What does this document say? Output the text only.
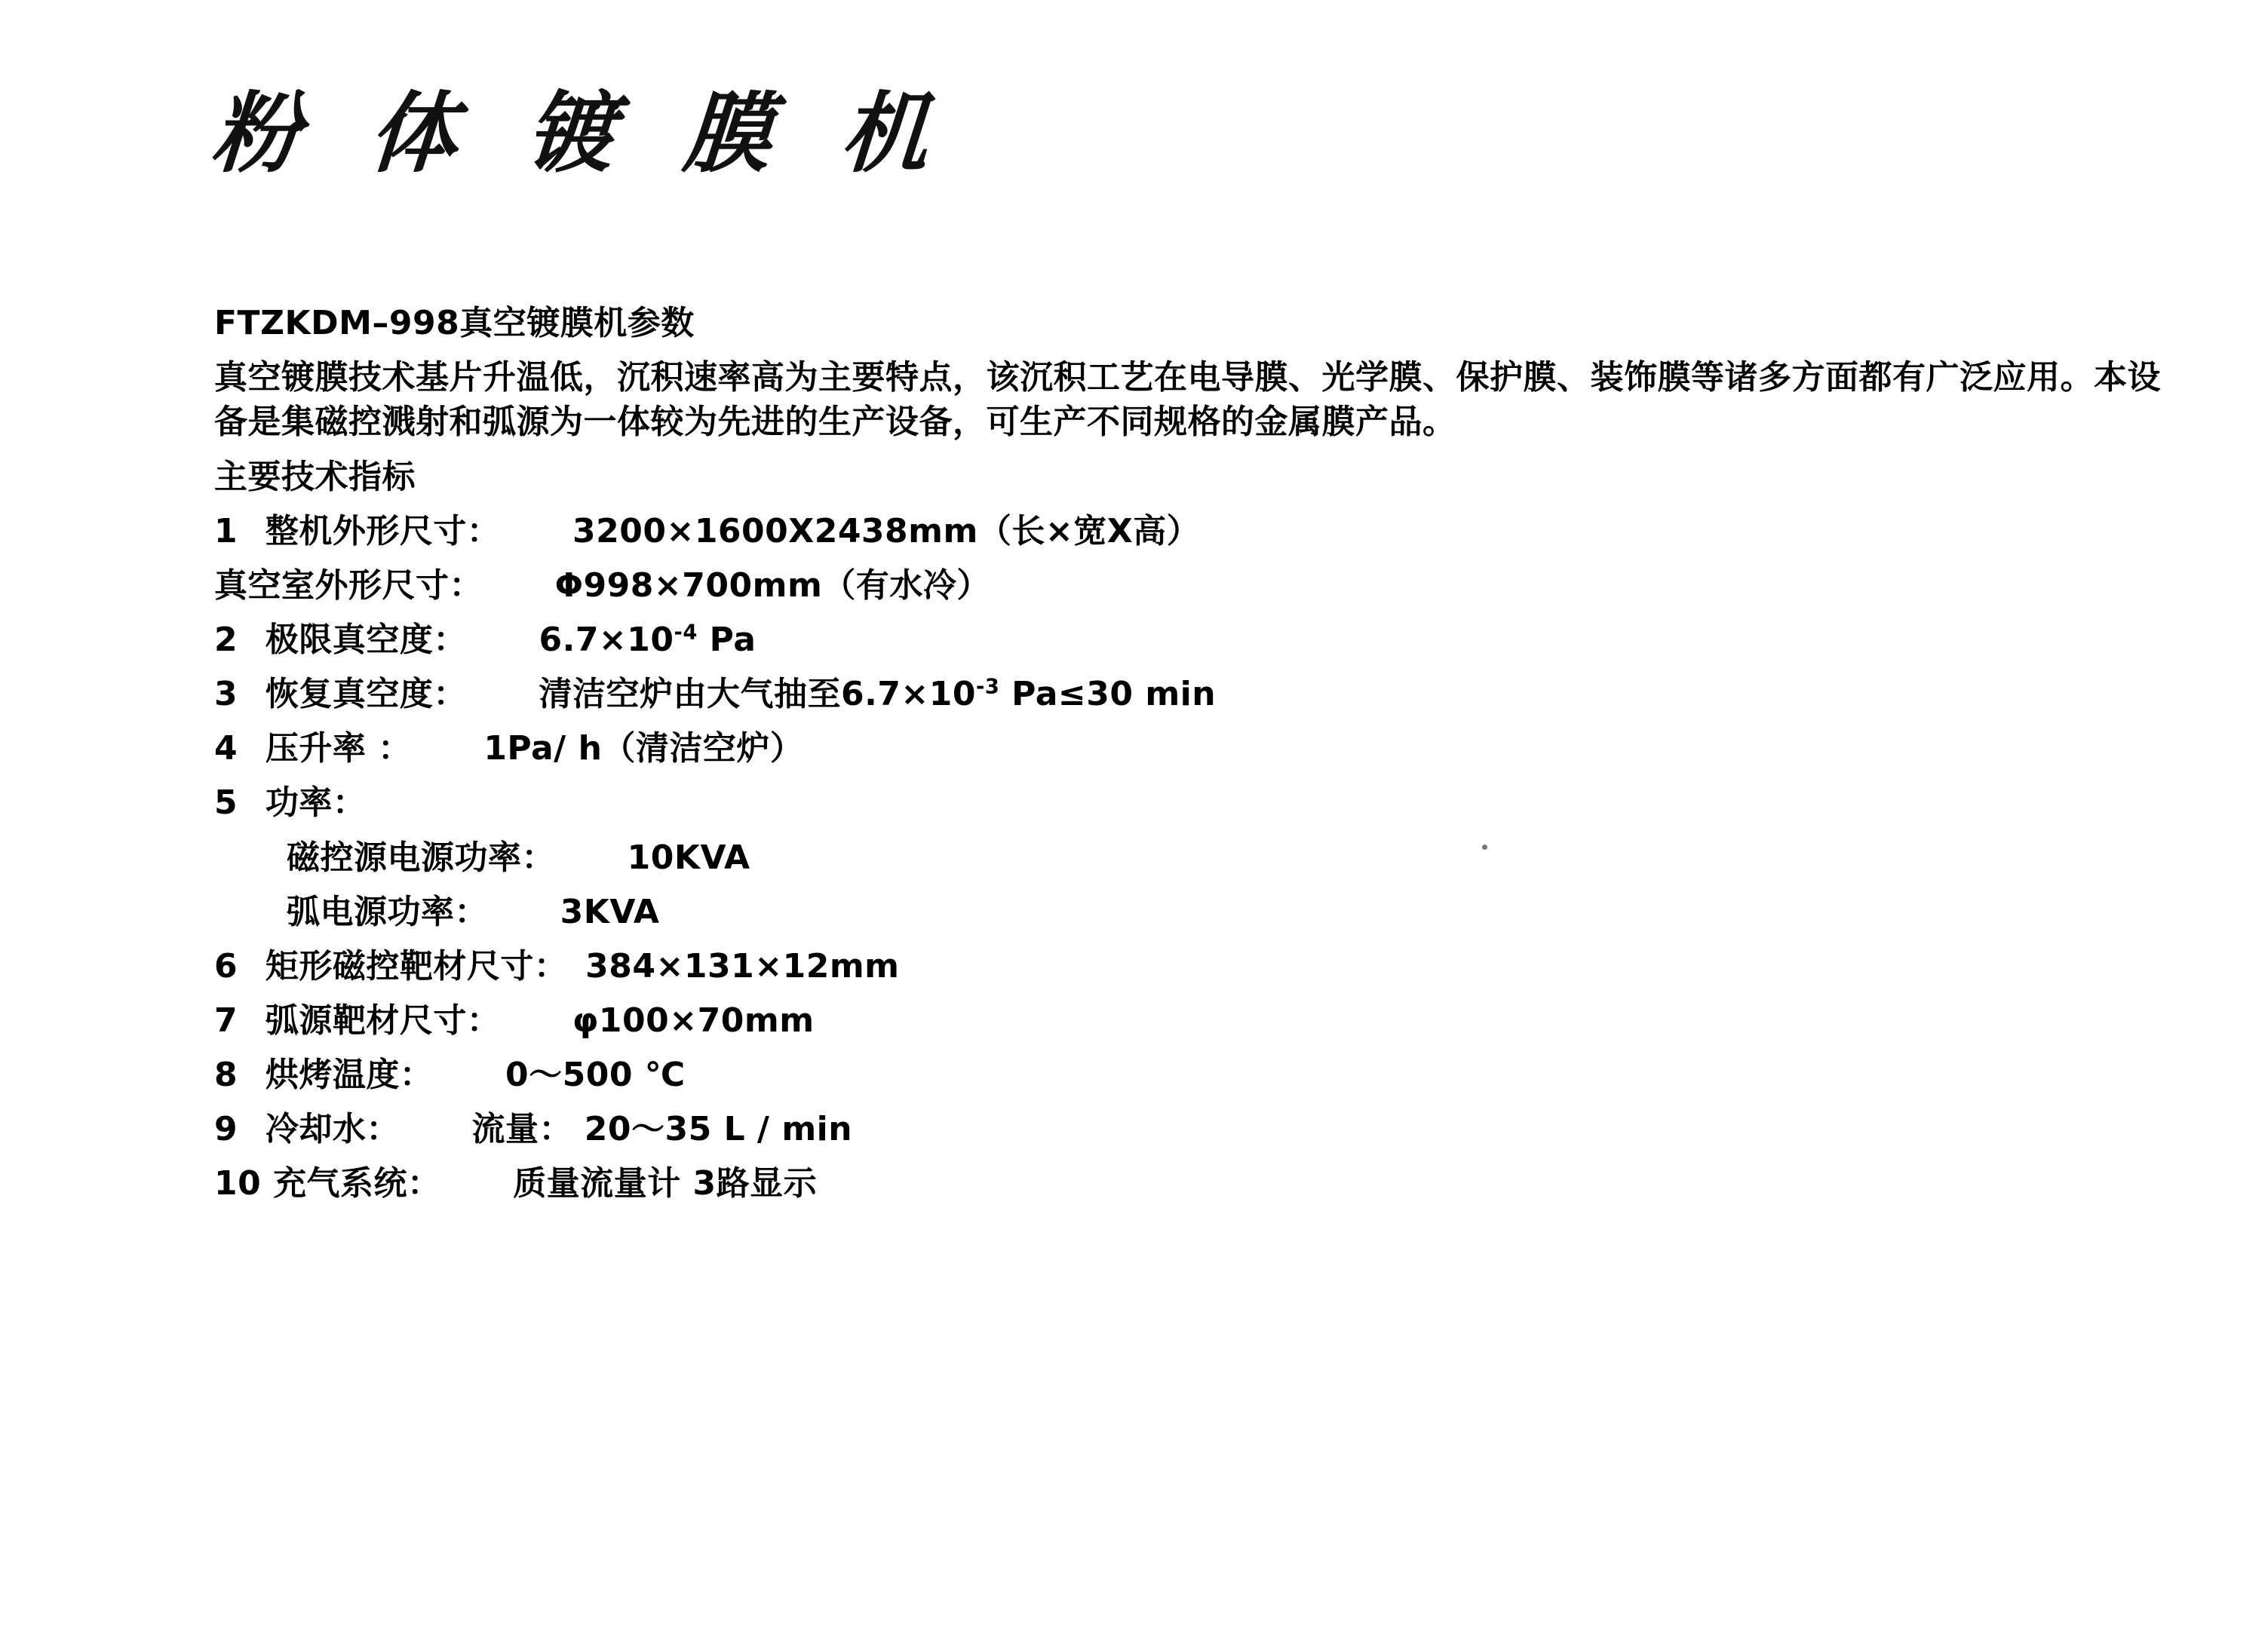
粉 体 镀 膜 机
FTZKDM–998真空镀膜机参数
真空镀膜技术基片升温低，沉积速率高为主要特点，该沉积工艺在电导膜、光学膜、保护膜、装饰膜等诸多方面都有广泛应用。本设备是集磁控溅射和弧源为一体较为先进的生产设备，可生产不同规格的金属膜产品。
主要技术指标
1 整机外形尺寸： 3200×1600X2438mm（长×宽X高）
真空室外形尺寸： Φ998×700mm（有水冷）
2 极限真空度： $6.7\times 10^{-4}$ Pa
3 恢复真空度： 清洁空炉由大气抽至$6.7\times 10^{-3}$ Pa≤30 min
4 压升率 ： 1Pa/ h（清洁空炉）
5 功率：
磁控源电源功率： 10KVA
弧电源功率： 3KVA
6 矩形磁控靶材尺寸： 384×131×12mm
7 弧源靶材尺寸： φ100×70mm
8 烘烤温度： 0～500 ℃
9 冷却水： 流量： 20～35 L / min
10 充气系统： 质量流量计 3路显示
